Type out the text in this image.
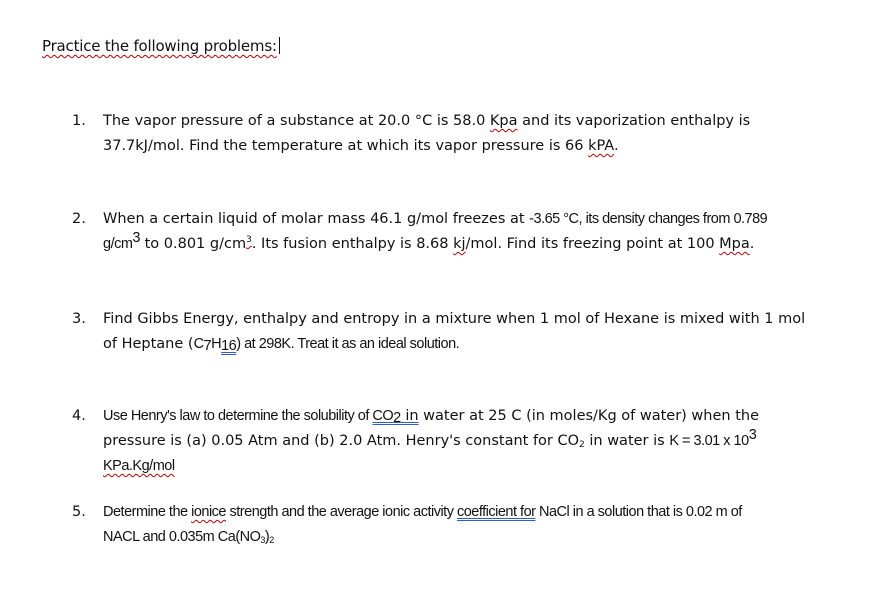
Practice the following problems:
1. The vapor pressure of a substance at 20.0 °C is 58.0 Kpa and its vaporization enthalpy is
37.7kJ/mol. Find the temperature at which its vapor pressure is 66 kPA.
2. When a certain liquid of molar mass 46.1 g/mol freezes at -3.65 °C, its density changes from 0.789
$g/cm^3$ to 0.801 $g/cm^3$. Its fusion enthalpy is 8.68 kj/mol. Find its freezing point at 100 Mpa.
3. Find Gibbs Energy, enthalpy and entropy in a mixture when 1 mol of Hexane is mixed with 1 mol
of Heptane $(C_7H_{16})$ at 298K. Treat it as an ideal solution.
4. Use Henry's law to determine the solubility of $CO_2$ in water at 25 C (in moles/Kg of water) when the
pressure is (a) 0.05 Atm and (b) 2.0 Atm. Henry's constant for $CO_2$ in water is K = 3.01 x $10^3$
KPa.Kg/mol
5. Determine the ionice strength and the average ionic activity coefficient for NaCl in a solution that is 0.02 m of
NACL and 0.035m $Ca(NO_3)_2$
